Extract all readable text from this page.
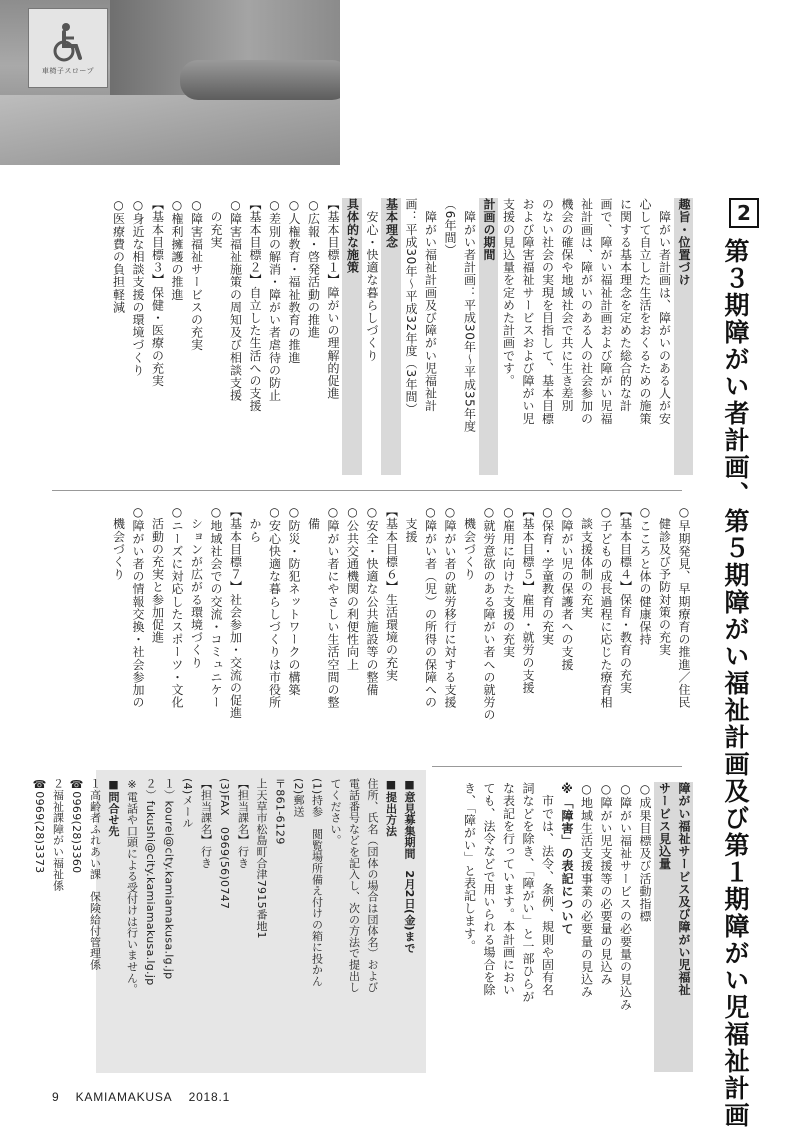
車椅子スロープ
2
第３期障がい者計画、第５期障がい福祉計画及び第１期障がい児福祉計画
趣旨・位置づけ
　障がい者計画は、障がいのある人が安
心して自立した生活をおくるための施策
に関する基本理念を定めた総合的な計
画で、障がい福祉計画および障がい児福
祉計画は、障がいのある人の社会参加の
機会の確保や地域社会で共に生き差別
のない社会の実現を目指して、基本目標
および障害福祉サービスおよび障がい児
支援の見込量を定めた計画です。
計画の期間
　障がい者計画：平成30年～平成35年度
（6年間）
　障がい福祉計画及び障がい児福祉計
画：平成30年～平成32年度（3年間）
基本理念
　安心・快適な暮らしづくり
具体的な施策
【基本目標１】障がいの理解的促進
○広報・啓発活動の推進
○人権教育・福祉教育の推進
○差別の解消・障がい者虐待の防止
【基本目標２】自立した生活への支援
○障害福祉施策の周知及び相談支援
　の充実
○障害福祉サービスの充実
○権利擁護の推進
【基本目標３】保健・医療の充実
○身近な相談支援の環境づくり
○医療費の負担軽減
○早期発見、早期療育の推進／住民
　健診及び予防対策の充実
○こころと体の健康保持
【基本目標４】保育・教育の充実
○子どもの成長過程に応じた療育相
　談支援体制の充実
○障がい児の保護者への支援
○保育・学童教育の充実
【基本目標５】雇用・就労の支援
○雇用に向けた支援の充実
○就労意欲のある障がい者への就労の
　機会づくり
○障がい者の就労移行に対する支援
○障がい者（児）の所得の保障への
　支援
【基本目標６】生活環境の充実
○安全・快適な公共施設等の整備
○公共交通機関の利便性向上
○障がい者にやさしい生活空間の整
　備
○防災・防犯ネットワークの構築
○安心快適な暮らしづくりは市役所
　から
【基本目標７】社会参加・交流の促進
○地域社会での交流・コミュニケー
　ションが広がる環境づくり
○ニーズに対応したスポーツ・文化
　活動の充実と参加促進
○障がい者の情報交換・社会参加の
　機会づくり
障がい福祉サービス及び障がい児福祉
サービス見込量
○成果目標及び活動指標
○障がい福祉サービスの必要量の見込み
○障がい児支援等の必要量の見込み
○地域生活支援事業の必要量の見込み
※「障害」の表記について
　市では、法令、条例、規則や固有名
詞などを除き、「障がい」と一部ひらが
な表記を行っています。本計画におい
ても、法令などで用いられる場合を除
き、「障がい」と表記します。
■意見募集期間　2月2日(金)まで
■提出方法
住所、氏名（団体の場合は団体名）および
電話番号などを記入し、次の方法で提出し
てください。
(1)持参　閲覧場所備え付けの箱に投かん
(2)郵送
〒861-6129
上天草市松島町合津7915番地1
【担当課名】行き
(3)FAX　0969(56)0747
【担当課名】行き
(4)メール
１）kourei@city.kamiamakusa.lg.jp
２）fukushi@city.kamiamakusa.lg.jp
※電話や口頭による受付けは行いません。
■問合せ先
１高齢者ふれあい課　保険給付管理係
☎0969(28)3360
２福祉課障がい福祉係
☎0969(28)3373
9 KAMIAMAKUSA 2018.1
